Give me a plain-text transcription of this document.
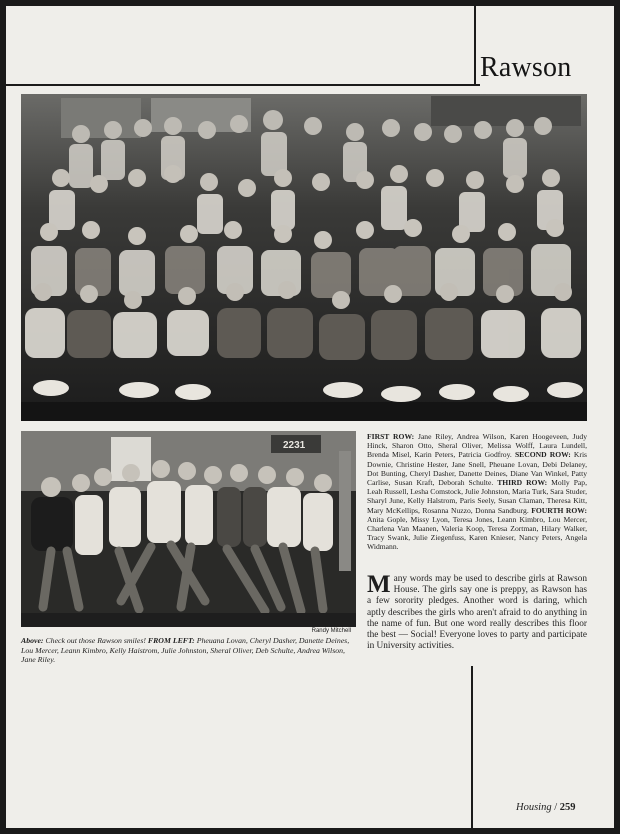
Rawson
2231
Randy Mitchell
Above: Check out those Rawson smiles! FROM LEFT: Pheuana Lovan, Cheryl Dasher, Danette Deines, Lou Mercer, Leann Kimbro, Kelly Haistrom, Julie Johnston, Sheral Oliver, Deb Schulte, Andrea Wilson, Jane Riley.
FIRST ROW: Jane Riley, Andrea Wilson, Karen Hoogeveen, Judy Hinck, Sharon Otto, Sheral Oliver, Melissa Wolff, Laura Lundell, Brenda Misel, Karin Peters, Patricia Godfroy. SECOND ROW: Kris Downie, Christine Hester, Jane Snell, Pheuane Lovan, Debi Delaney, Dot Bunting, Cheryl Dasher, Danette Deines, Diane Van Winkel, Patty Carlise, Susan Kraft, Deborah Schulte. THIRD ROW: Molly Pap, Leah Russell, Lesha Comstock, Julie Johnston, Maria Turk, Sara Studer, Sharyl June, Kelly Halstrom, Paris Seely, Susan Claman, Theresa Kitt, Mary McKellips, Rosanna Nuzzo, Donna Sandburg. FOURTH ROW: Anita Gople, Missy Lyon, Teresa Jones, Leann Kimbro, Lou Mercer, Charlena Van Maanen, Valeria Koop, Teresa Zortman, Hilary Walker, Tracy Swank, Julie Ziegenfuss, Karen Knieser, Nancy Peters, Angela Widmann.
Many words may be used to describe girls at Rawson House. The girls say one is preppy, as Rawson has a few sorority pledges. Another word is daring, which aptly describes the girls who aren't afraid to do anything in the name of fun. But one word really describes this floor the best — Social! Everyone loves to party and participate in University activities.
Housing / 259
